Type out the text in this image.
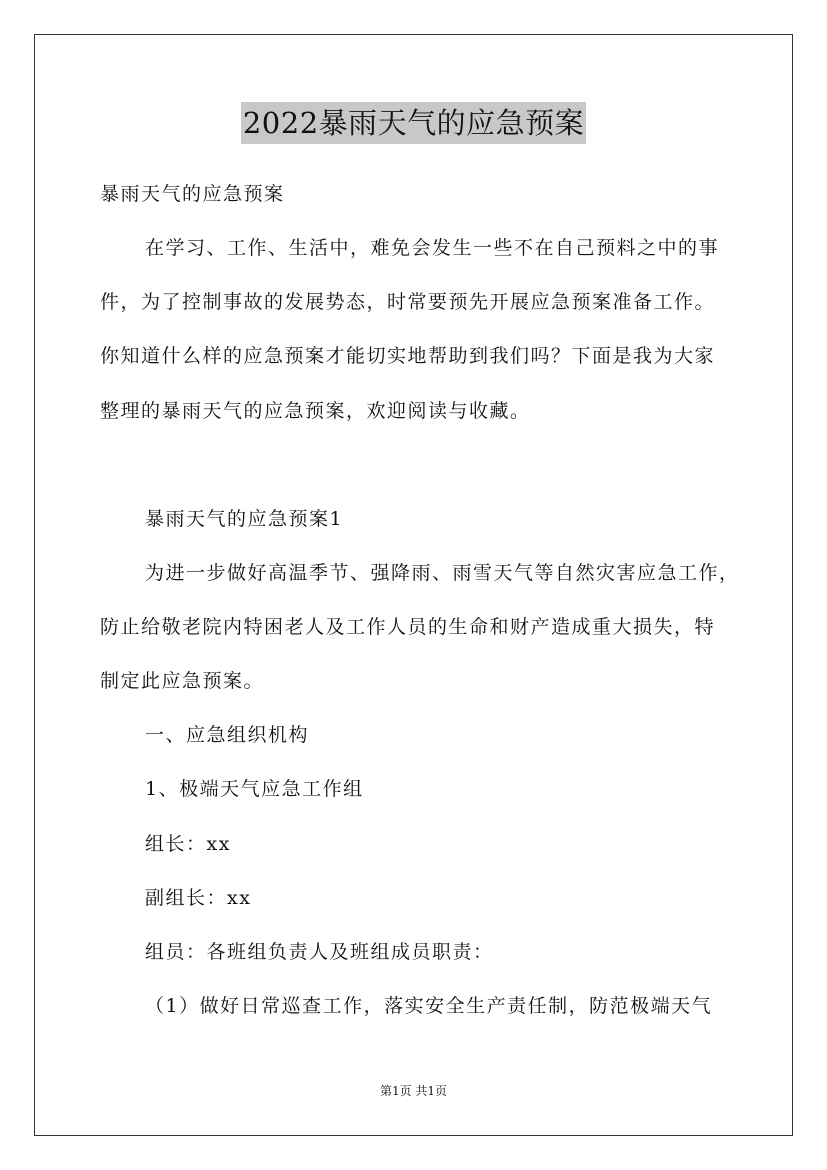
2022暴雨天气的应急预案
暴雨天气的应急预案
在学习、工作、生活中，难免会发生一些不在自己预料之中的事
件，为了控制事故的发展势态，时常要预先开展应急预案准备工作。
你知道什么样的应急预案才能切实地帮助到我们吗？下面是我为大家
整理的暴雨天气的应急预案，欢迎阅读与收藏。
暴雨天气的应急预案1
为进一步做好高温季节、强降雨、雨雪天气等自然灾害应急工作，
防止给敬老院内特困老人及工作人员的生命和财产造成重大损失，特
制定此应急预案。
一、应急组织机构
1、极端天气应急工作组
组长：xx
副组长：xx
组员：各班组负责人及班组成员职责：
（1）做好日常巡查工作，落实安全生产责任制，防范极端天气
第1页 共1页
